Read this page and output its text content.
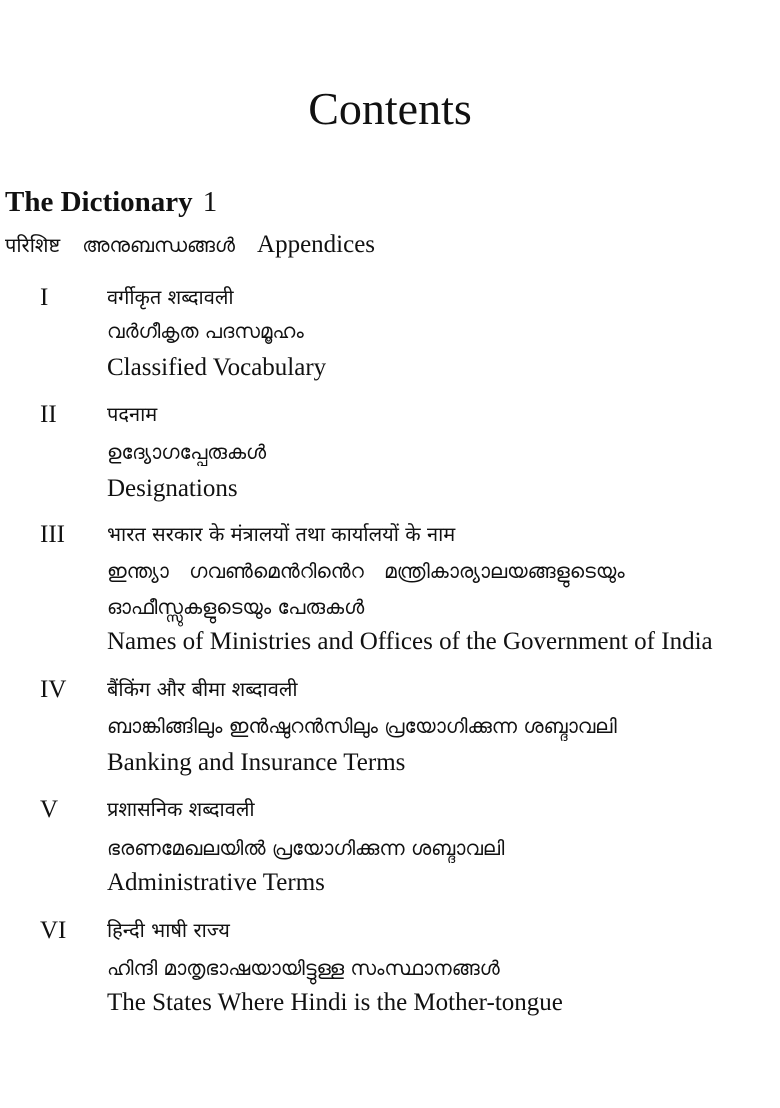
Contents
The Dictionary 1
परिशिष्ट അനുബന്ധങ്ങൾ Appendices
I	वर्गीकृत शब्दावली
വർഗീകൃത പദസമൂഹം
Classified Vocabulary
II	पदनाम
ഉദ്യോഗപ്പേരുകൾ
Designations
III भारत सरकार के मंत्रालयों तथा कार्यालयों के नाम
ഇന്ത്യാ ഗവൺമെൻറിൻെറ മന്ത്രികാര്യാലയങ്ങളുടെയും
ഓഫീസ്സുകളുടെയും പേരുകൾ
Names of Ministries and Offices of the Government of India
IV बैंकिंग और बीमा शब्दावली
ബാങ്കിങ്ങിലും ഇൻഷുറൻസിലും പ്രയോഗിക്കുന്ന ശബ്ദാവലി
Banking and Insurance Terms
V प्रशासनिक शब्दावली
ഭരണമേഖലയിൽ പ്രയോഗിക്കുന്ന ശബ്ദാവലി
Administrative Terms
VI हिन्दी भाषी राज्य
ഹിന്ദി മാതൃഭാഷയായിട്ടുള്ള സംസ്ഥാനങ്ങൾ
The States Where Hindi is the Mother-tongue
